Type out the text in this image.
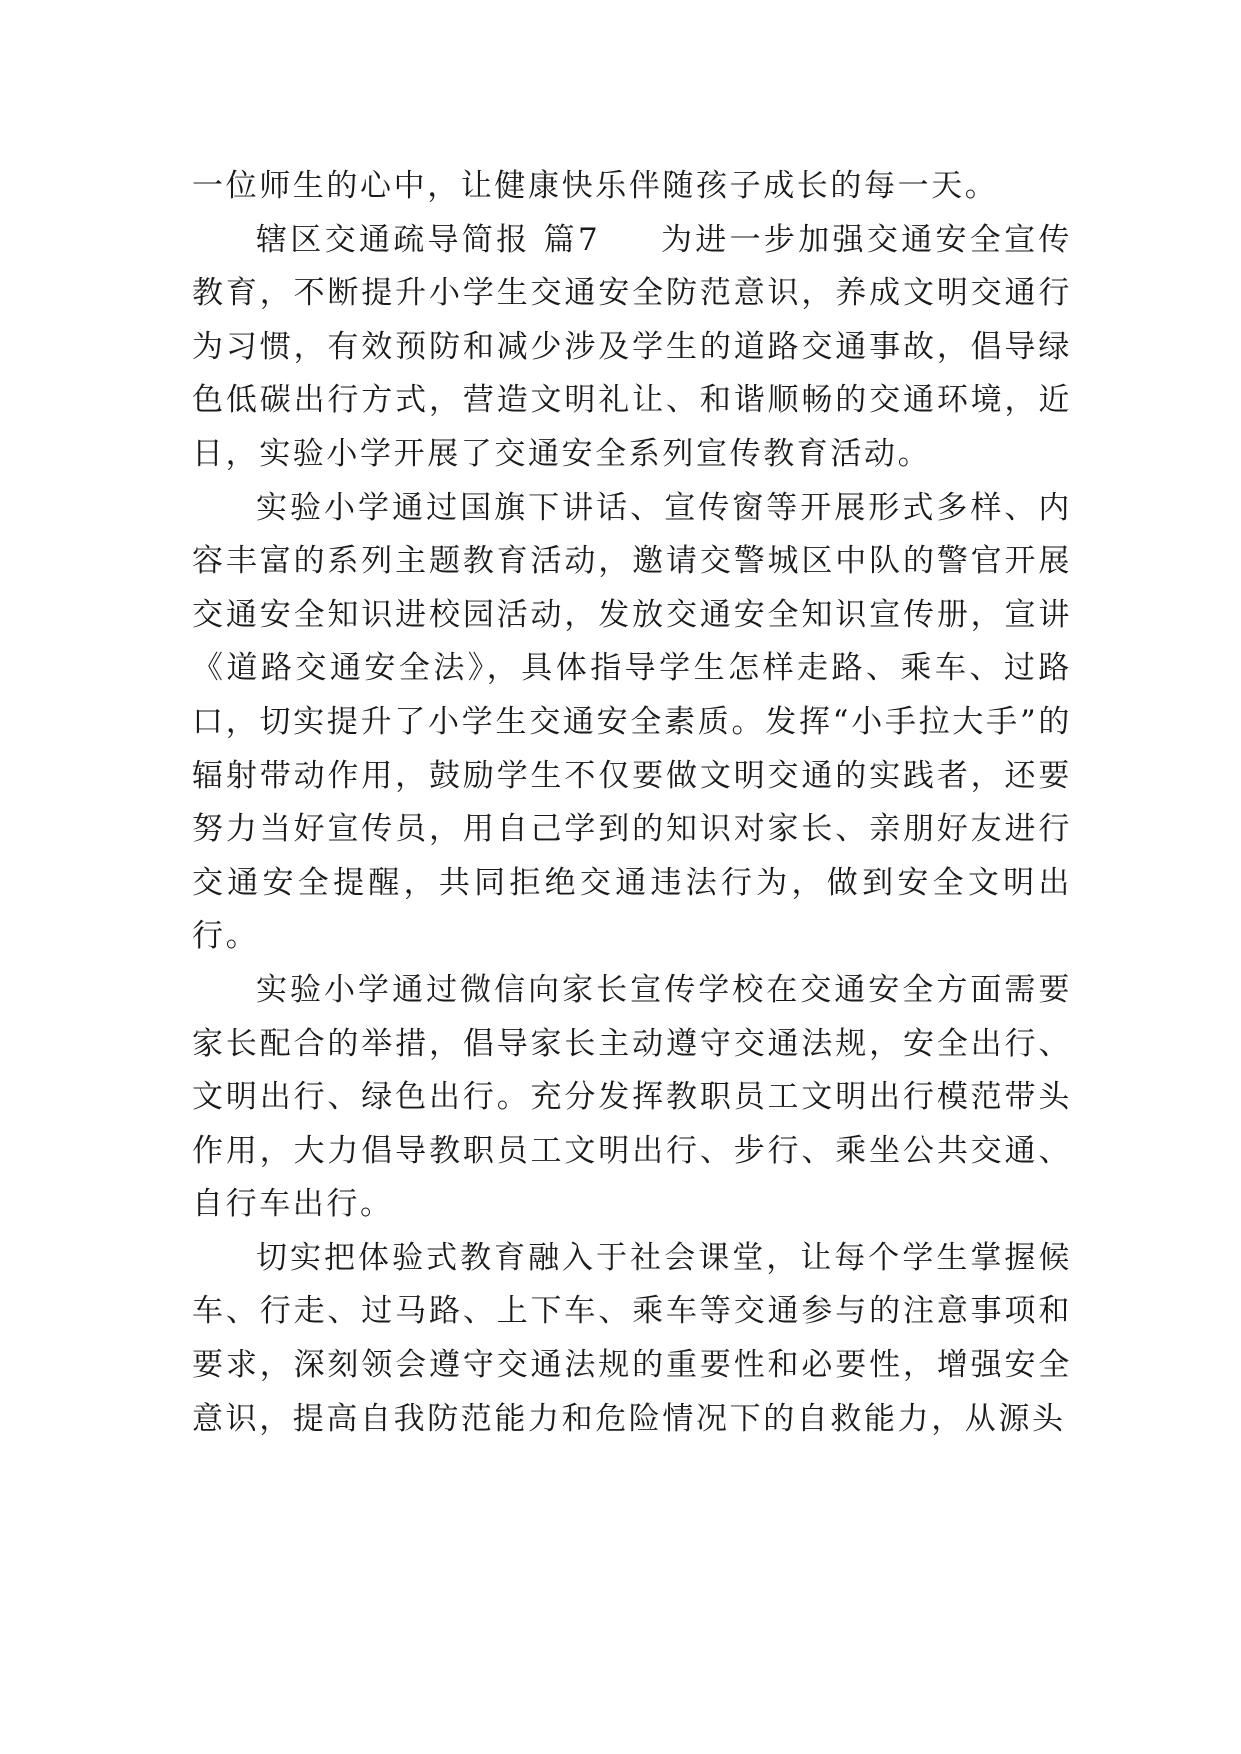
一位师生的心中，让健康快乐伴随孩子成长的每一天。

辖区交通疏导简报 篇7 为进一步加强交通安全宣传教育，不断提升小学生交通安全防范意识，养成文明交通行为习惯，有效预防和减少涉及学生的道路交通事故，倡导绿色低碳出行方式，营造文明礼让、和谐顺畅的交通环境，近日，实验小学开展了交通安全系列宣传教育活动。

实验小学通过国旗下讲话、宣传窗等开展形式多样、内容丰富的系列主题教育活动，邀请交警城区中队的警官开展交通安全知识进校园活动，发放交通安全知识宣传册，宣讲《道路交通安全法》，具体指导学生怎样走路、乘车、过路口，切实提升了小学生交通安全素质。发挥“小手拉大手”的辐射带动作用，鼓励学生不仅要做文明交通的实践者，还要努力当好宣传员，用自己学到的知识对家长、亲朋好友进行交通安全提醒，共同拒绝交通违法行为，做到安全文明出行。

实验小学通过微信向家长宣传学校在交通安全方面需要家长配合的举措，倡导家长主动遵守交通法规，安全出行、文明出行、绿色出行。充分发挥教职员工文明出行模范带头作用，大力倡导教职员工文明出行、步行、乘坐公共交通、自行车出行。

切实把体验式教育融入于社会课堂，让每个学生掌握候车、行走、过马路、上下车、乘车等交通参与的注意事项和要求，深刻领会遵守交通法规的重要性和必要性，增强安全意识，提高自我防范能力和危险情况下的自救能力，从源头
